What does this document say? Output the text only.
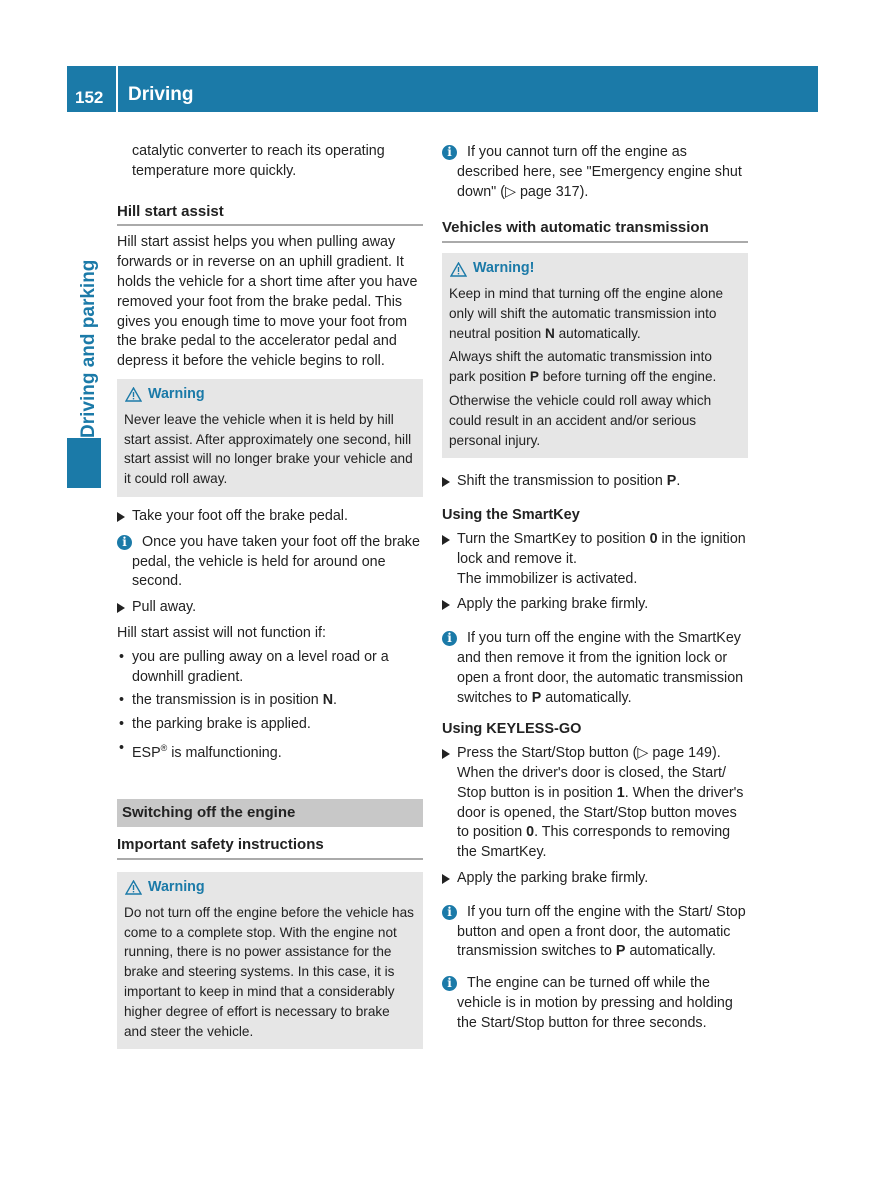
152 Driving
Driving and parking

catalytic converter to reach its operating temperature more quickly.

Hill start assist

Hill start assist helps you when pulling away forwards or in reverse on an uphill gradient. It holds the vehicle for a short time after you have removed your foot from the brake pedal. This gives you enough time to move your foot from the brake pedal to the accelerator pedal and depress it before the vehicle begins to roll.

Warning

Never leave the vehicle when it is held by hill start assist. After approximately one second, hill start assist will no longer brake your vehicle and it could roll away.

Take your foot off the brake pedal.
i	Once you have taken your foot off the brake pedal, the vehicle is held for around one second.
Pull away.

Hill start assist will not function if:

• you are pulling away on a level road or a downhill gradient.
• the transmission is in position N.
• the parking brake is applied.
• ESP® is malfunctioning.
Switching off the engine
Important safety instructions
Warning

Do not turn off the engine before the vehicle has come to a complete stop. With the engine not running, there is no power assistance for the brake and steering systems. In this case, it is important to keep in mind that a considerably higher degree of effort is necessary to brake and steer the vehicle.

i	If you cannot turn off the engine as described here, see "Emergency engine shut down" (▷ page 317).
Vehicles with automatic transmission
Warning!

Keep in mind that turning off the engine alone only will shift the automatic transmission into neutral position N automatically.

Always shift the automatic transmission into park position P before turning off the engine.

Otherwise the vehicle could roll away which could result in an accident and/or serious personal injury.

Shift the transmission to position P.
Using the SmartKey
Turn the SmartKey to position 0 in the ignition lock and remove it.
The immobilizer is activated.
Apply the parking brake firmly.
i	If you turn off the engine with the SmartKey and then remove it from the ignition lock or open a front door, the automatic transmission switches to P automatically.
Using KEYLESS-GO
Press the Start/Stop button (▷ page 149). When the driver's door is closed, the Start/ Stop button is in position 1. When the driver's door is opened, the Start/Stop button moves to position 0. This corresponds to removing the SmartKey.
Apply the parking brake firmly.
i	If you turn off the engine with the Start/ Stop button and open a front door, the automatic transmission switches to P automatically.
i	The engine can be turned off while the vehicle is in motion by pressing and holding the Start/Stop button for three seconds.
